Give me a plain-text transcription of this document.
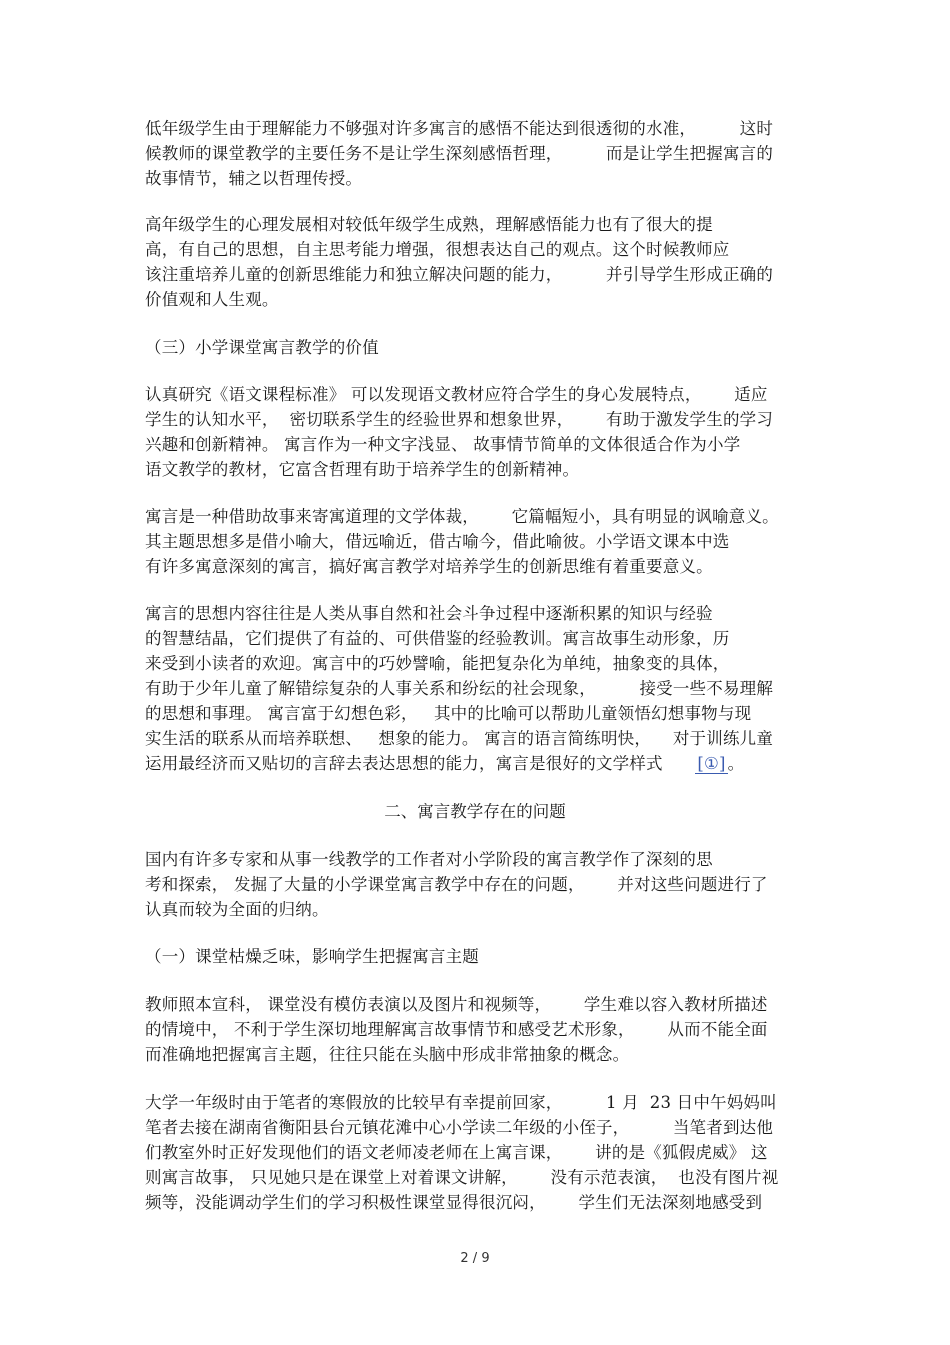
低年级学生由于理解能力不够强对许多寓言的感悟不能达到很透彻的水准，        这时
候教师的课堂教学的主要任务不是让学生深刻感悟哲理，        而是让学生把握寓言的
故事情节，辅之以哲理传授。
高年级学生的心理发展相对较低年级学生成熟，理解感悟能力也有了很大的提
高，有自己的思想，自主思考能力增强，很想表达自己的观点。这个时候教师应
该注重培养儿童的创新思维能力和独立解决问题的能力，        并引导学生形成正确的
价值观和人生观。
（三）小学课堂寓言教学的价值
认真研究《语文课程标准》 可以发现语文教材应符合学生的身心发展特点，      适应
学生的认知水平，  密切联系学生的经验世界和想象世界，      有助于激发学生的学习
兴趣和创新精神。 寓言作为一种文字浅显、 故事情节简单的文体很适合作为小学
语文教学的教材，它富含哲理有助于培养学生的创新精神。
寓言是一种借助故事来寄寓道理的文学体裁，      它篇幅短小，具有明显的讽喻意义。
其主题思想多是借小喻大，借远喻近，借古喻今，借此喻彼。小学语文课本中选
有许多寓意深刻的寓言，搞好寓言教学对培养学生的创新思维有着重要意义。
寓言的思想内容往往是人类从事自然和社会斗争过程中逐渐积累的知识与经验
的智慧结晶，它们提供了有益的、可供借鉴的经验教训。寓言故事生动形象，历
来受到小读者的欢迎。寓言中的巧妙譬喻，能把复杂化为单纯，抽象变的具体，
有助于少年儿童了解错综复杂的人事关系和纷纭的社会现象，        接受一些不易理解
的思想和事理。 寓言富于幻想色彩，   其中的比喻可以帮助儿童领悟幻想事物与现
实生活的联系从而培养联想、   想象的能力。 寓言的语言简练明快，    对于训练儿童
运用最经济而又贴切的言辞去表达思想的能力，寓言是很好的文学样式      [①] 。
二、寓言教学存在的问题
国内有许多专家和从事一线教学的工作者对小学阶段的寓言教学作了深刻的思
考和探索， 发掘了大量的小学课堂寓言教学中存在的问题，      并对这些问题进行了
认真而较为全面的归纳。
（一）课堂枯燥乏味，影响学生把握寓言主题
教师照本宣科， 课堂没有模仿表演以及图片和视频等，      学生难以容入教材所描述
的情境中， 不利于学生深切地理解寓言故事情节和感受艺术形象，      从而不能全面
而准确地把握寓言主题，往往只能在头脑中形成非常抽象的概念。
大学一年级时由于笔者的寒假放的比较早有幸提前回家，        1 月  23 日中午妈妈叫
笔者去接在湖南省衡阳县台元镇花滩中心小学读二年级的小侄子，        当笔者到达他
们教室外时正好发现他们的语文老师凌老师在上寓言课，      讲的是《狐假虎威》 这
则寓言故事， 只见她只是在课堂上对着课文讲解，      没有示范表演，  也没有图片视
频等，没能调动学生们的学习积极性课堂显得很沉闷，      学生们无法深刻地感受到
2 / 9
